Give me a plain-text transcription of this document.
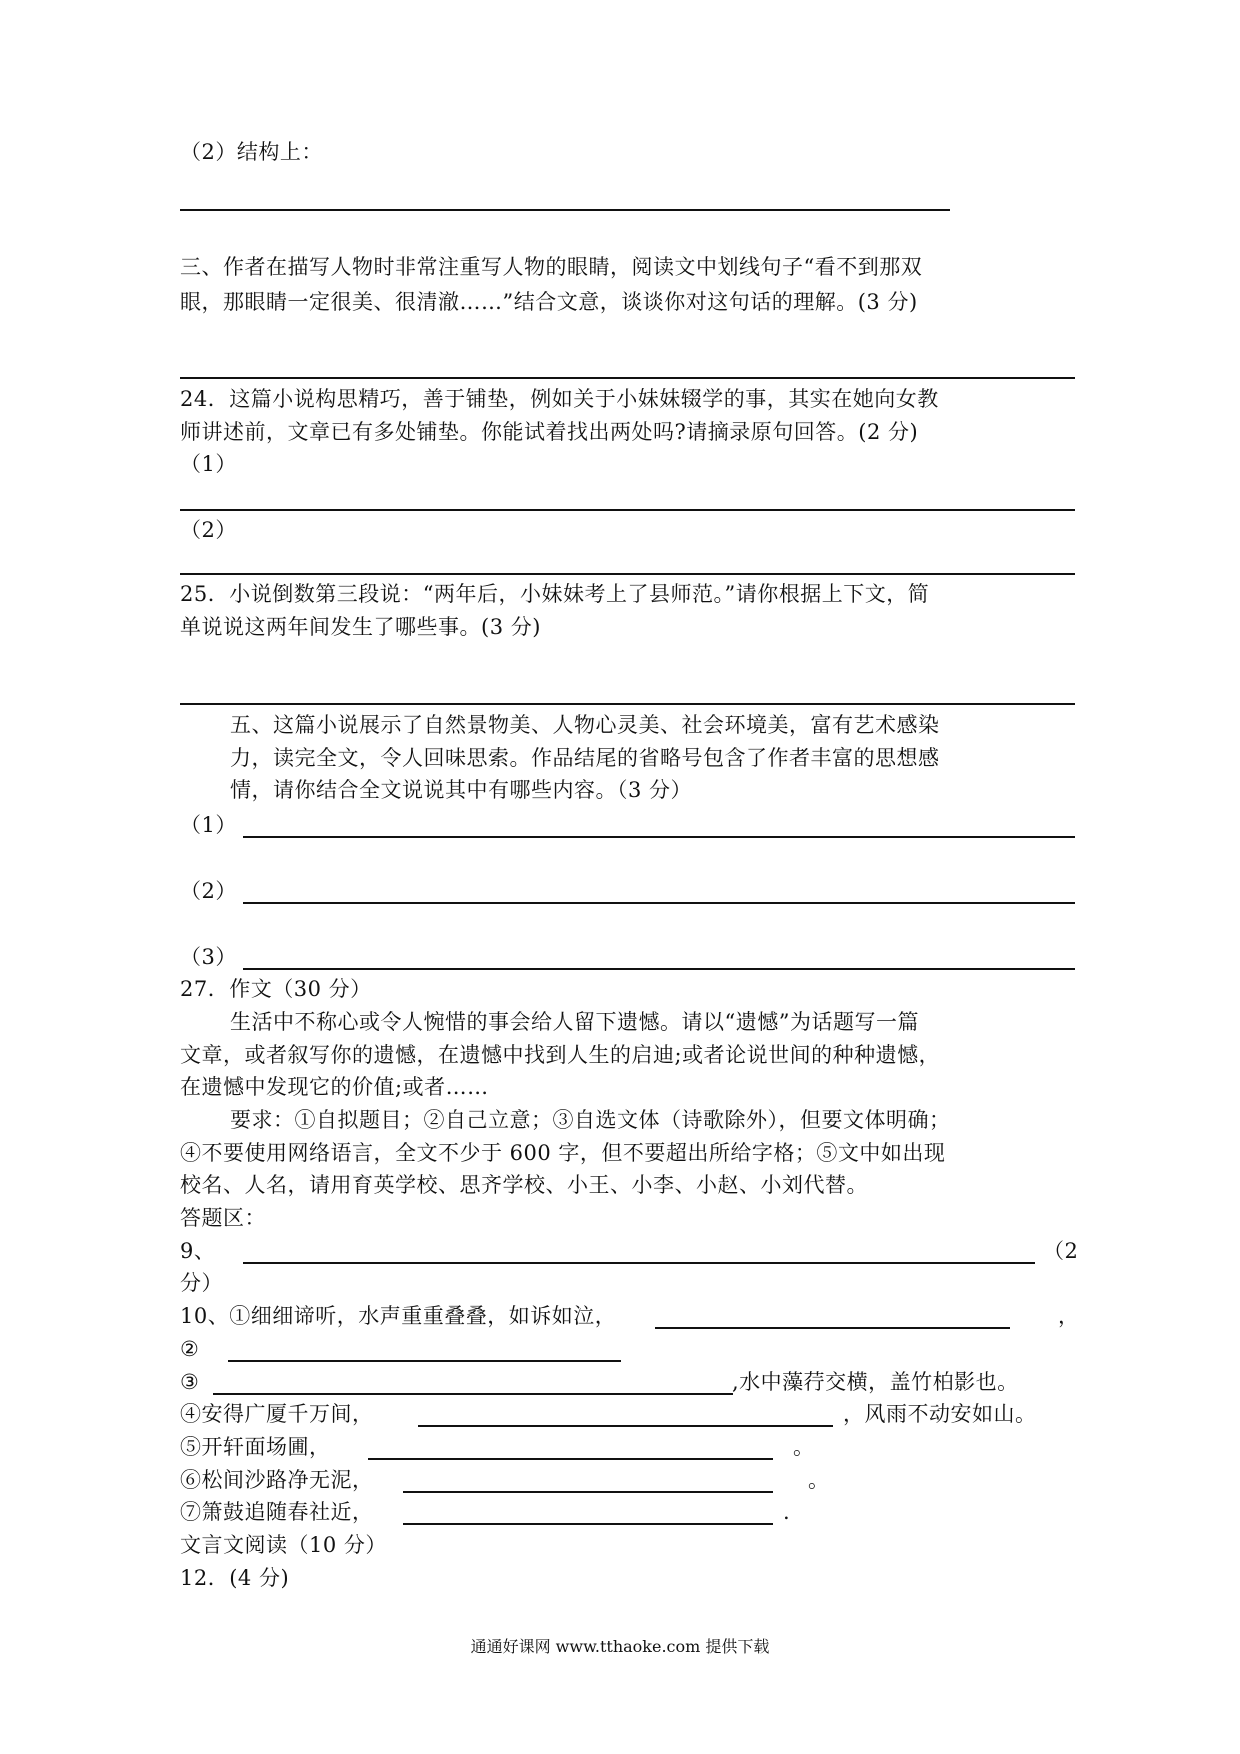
（2）结构上：
三、作者在描写人物时非常注重写人物的眼睛，阅读文中划线句子“看不到那双
眼，那眼睛一定很美、很清澈……”结合文意，谈谈你对这句话的理解。(3 分)
24．这篇小说构思精巧，善于铺垫，例如关于小妹妹辍学的事，其实在她向女教
师讲述前，文章已有多处铺垫。你能试着找出两处吗?请摘录原句回答。(2 分)
（1）
（2）
25．小说倒数第三段说：“两年后，小妹妹考上了县师范。”请你根据上下文，简
单说说这两年间发生了哪些事。(3 分)
五、这篇小说展示了自然景物美、人物心灵美、社会环境美，富有艺术感染
力，读完全文，令人回味思索。作品结尾的省略号包含了作者丰富的思想感
情，请你结合全文说说其中有哪些内容。（3 分）
（1）
（2）
（3）
27．作文（30 分）
生活中不称心或令人惋惜的事会给人留下遗憾。请以“遗憾”为话题写一篇
文章，或者叙写你的遗憾，在遗憾中找到人生的启迪;或者论说世间的种种遗憾，
在遗憾中发现它的价值;或者……
要求：①自拟题目；②自己立意；③自选文体（诗歌除外），但要文体明确；
④不要使用网络语言，全文不少于 600 字，但不要超出所给字格；⑤文中如出现
校名、人名，请用育英学校、思齐学校、小王、小李、小赵、小刘代替。
答题区：
9、	（2
分）
10、①细细谛听，水声重重叠叠，如诉如泣，	，
②
③	,水中藻荇交横，盖竹柏影也。
④安得广厦千万间，	，风雨不动安如山。
⑤开轩面场圃，	。
⑥松间沙路净无泥，	。
⑦箫鼓追随春社近，	.
文言文阅读（10 分）
12．(4 分)
通通好课网 www.tthaoke.com 提供下载
